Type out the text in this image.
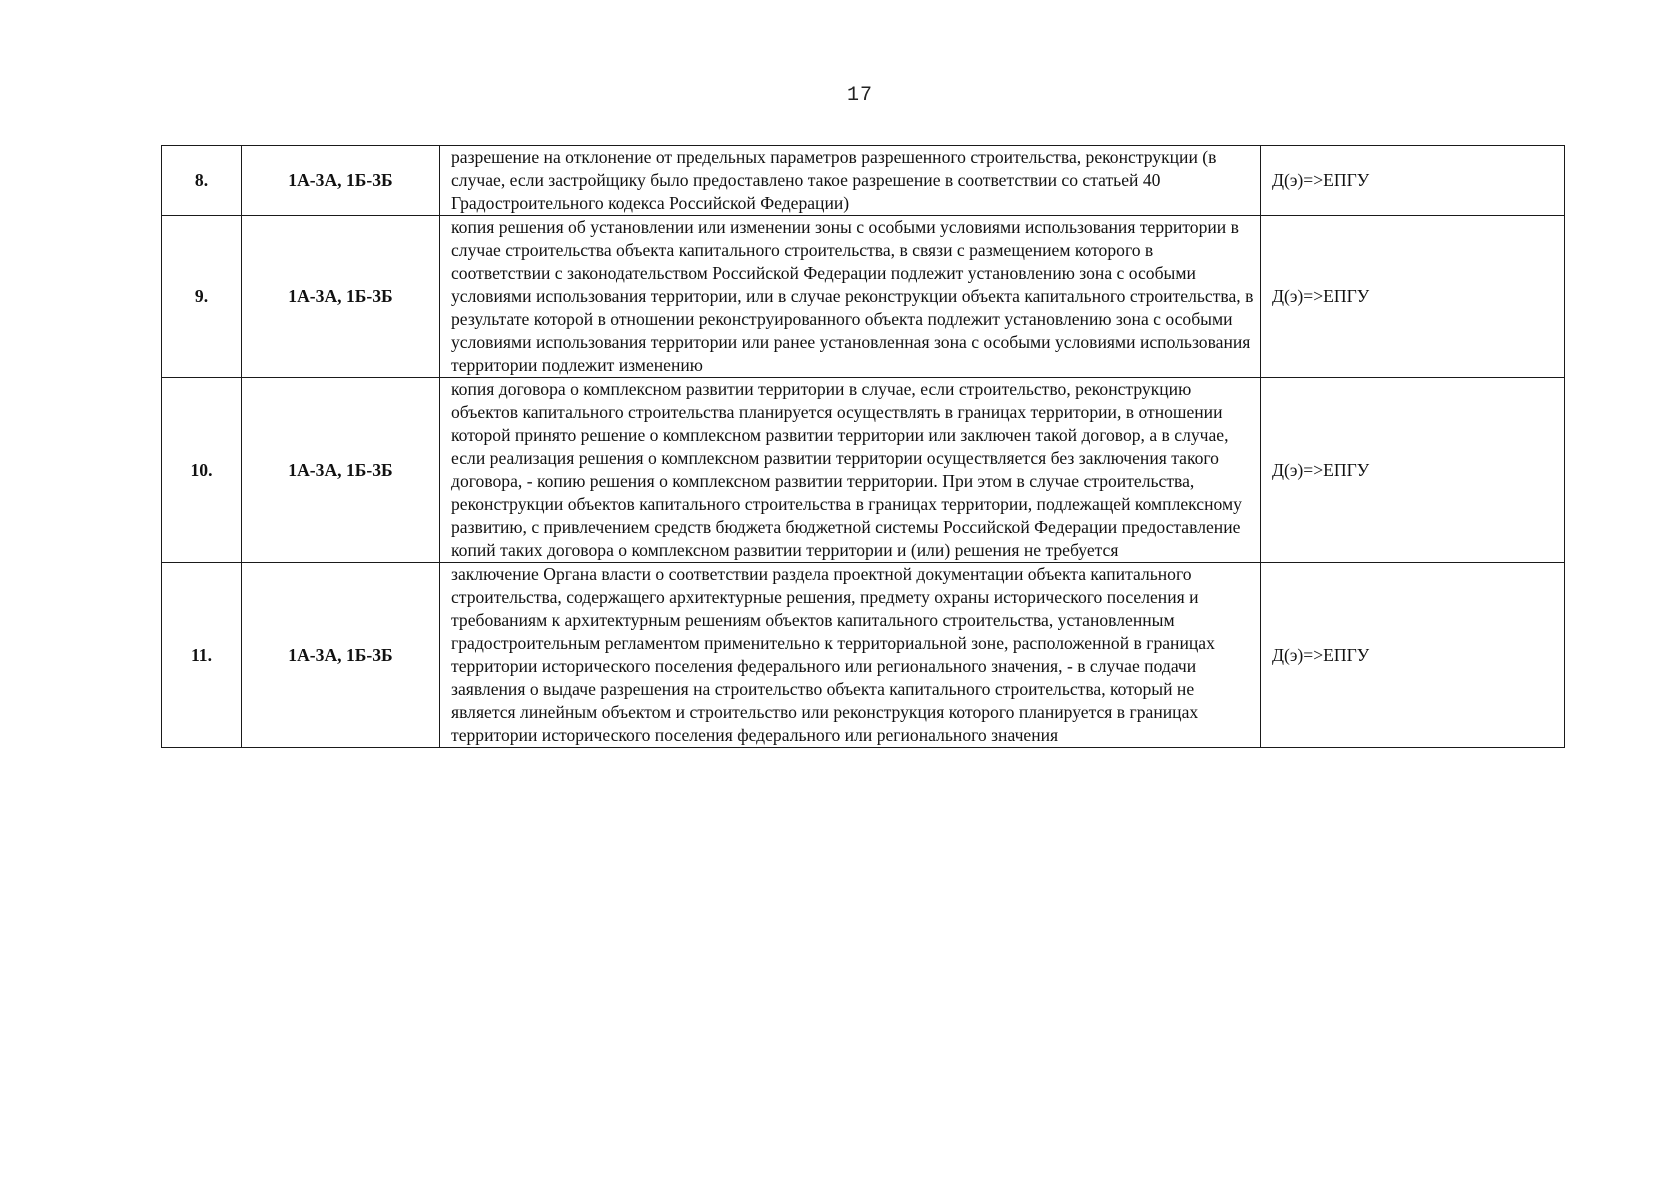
17
8.	1А-3А, 1Б-3Б	разрешение на отклонение от предельных параметров разрешенного строительства, реконструкции (в случае, если застройщику было предоставлено такое разрешение в соответствии со статьей 40 Градостроительного кодекса Российской Федерации)	Д(э)=>ЕПГУ
9.	1А-3А, 1Б-3Б	копия решения об установлении или изменении зоны с особыми условиями использования территории в случае строительства объекта капитального строительства, в связи с размещением которого в соответствии с законодательством Российской Федерации подлежит установлению зона с особыми условиями использования территории, или в случае реконструкции объекта капитального строительства, в результате которой в отношении реконструированного объекта подлежит установлению зона с особыми условиями использования территории или ранее установленная зона с особыми условиями использования территории подлежит изменению	Д(э)=>ЕПГУ
10.	1А-3А, 1Б-3Б	копия договора о комплексном развитии территории в случае, если строительство, реконструкцию объектов капитального строительства планируется осуществлять в границах территории, в отношении которой принято решение о комплексном развитии территории или заключен такой договор, а в случае, если реализация решения о комплексном развитии территории осуществляется без заключения такого договора, - копию решения о комплексном развитии территории. При этом в случае строительства, реконструкции объектов капитального строительства в границах территории, подлежащей комплексному развитию, с привлечением средств бюджета бюджетной системы Российской Федерации предоставление копий таких договора о комплексном развитии территории и (или) решения не требуется	Д(э)=>ЕПГУ
11.	1А-3А, 1Б-3Б	заключение Органа власти о соответствии раздела проектной документации объекта капитального строительства, содержащего архитектурные решения, предмету охраны исторического поселения и требованиям к архитектурным решениям объектов капитального строительства, установленным градостроительным регламентом применительно к территориальной зоне, расположенной в границах территории исторического поселения федерального или регионального значения, - в случае подачи заявления о выдаче разрешения на строительство объекта капитального строительства, который не является линейным объектом и строительство или реконструкция которого планируется в границах территории исторического поселения федерального или регионального значения	Д(э)=>ЕПГУ
